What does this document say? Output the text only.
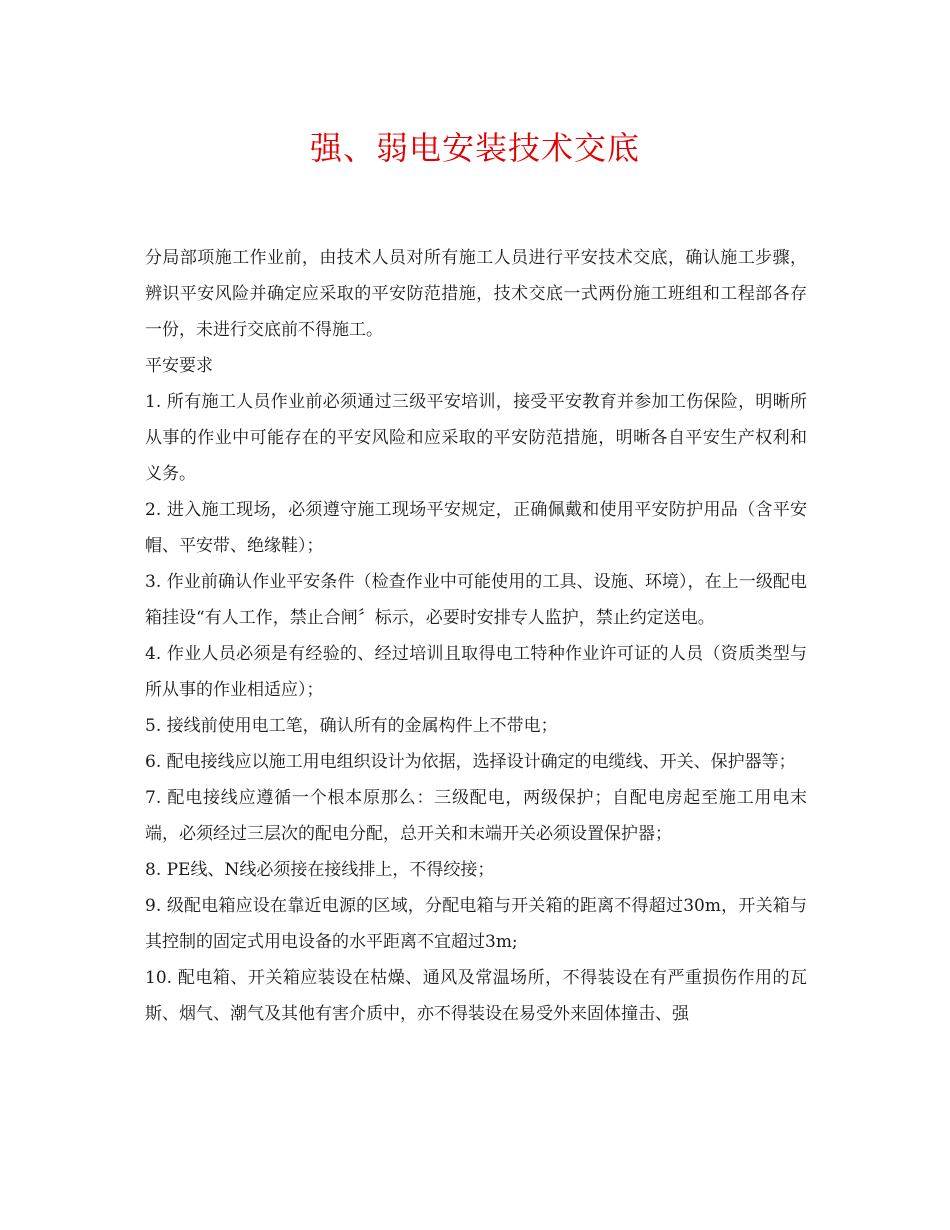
强、弱电安装技术交底

分局部项施工作业前，由技术人员对所有施工人员进行平安技术交底，确认施工步骤，辨识平安风险并确定应采取的平安防范措施，技术交底一式两份施工班组和工程部各存一份，未进行交底前不得施工。

平安要求

1. 所有施工人员作业前必须通过三级平安培训，接受平安教育并参加工伤保险，明晰所从事的作业中可能存在的平安风险和应采取的平安防范措施，明晰各自平安生产权利和义务。

2. 进入施工现场，必须遵守施工现场平安规定，正确佩戴和使用平安防护用品（含平安帽、平安带、绝缘鞋）；

3. 作业前确认作业平安条件（检查作业中可能使用的工具、设施、环境），在上一级配电箱挂设“有人工作，禁止合闸〞标示，必要时安排专人监护，禁止约定送电。

4. 作业人员必须是有经验的、经过培训且取得电工特种作业许可证的人员（资质类型与所从事的作业相适应）；

5. 接线前使用电工笔，确认所有的金属构件上不带电；

6. 配电接线应以施工用电组织设计为依据，选择设计确定的电缆线、开关、保护器等；

7. 配电接线应遵循一个根本原那么：三级配电，两级保护；自配电房起至施工用电末端，必须经过三层次的配电分配，总开关和末端开关必须设置保护器；

8. PE线、N线必须接在接线排上，不得绞接；

9. 级配电箱应设在靠近电源的区域，分配电箱与开关箱的距离不得超过30m，开关箱与其控制的固定式用电设备的水平距离不宜超过3m;

10. 配电箱、开关箱应装设在枯燥、通风及常温场所，不得装设在有严重损伤作用的瓦斯、烟气、潮气及其他有害介质中，亦不得装设在易受外来固体撞击、强
